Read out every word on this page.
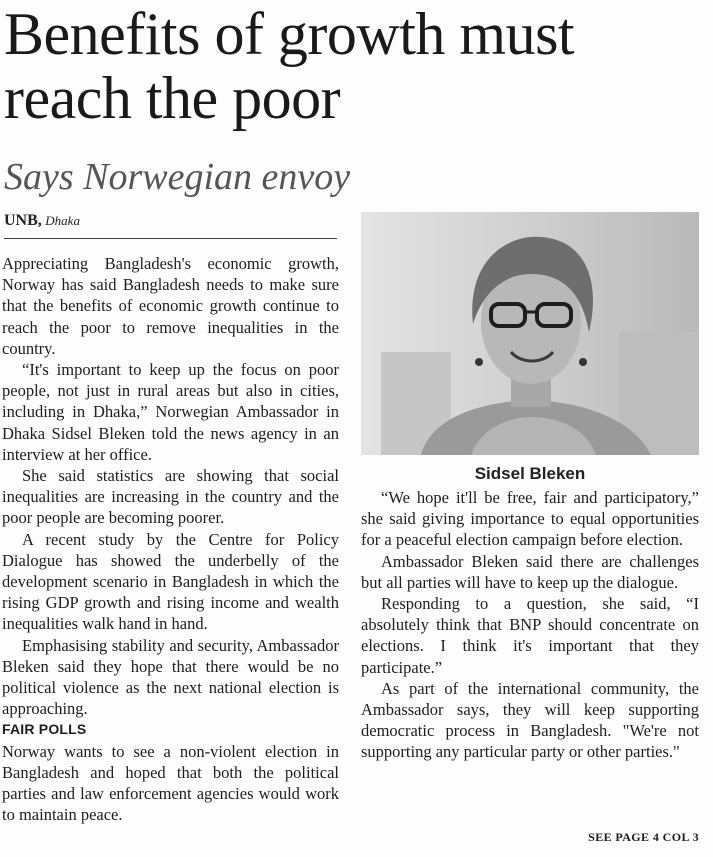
Benefits of growth must reach the poor
Says Norwegian envoy
UNB, Dhaka

Appreciating Bangladesh's economic growth, Norway has said Bangladesh needs to make sure that the benefits of economic growth continue to reach the poor to remove inequalities in the country.

“It's important to keep up the focus on poor people, not just in rural areas but also in cities, including in Dhaka,” Norwegian Ambassador in Dhaka Sidsel Bleken told the news agency in an interview at her office.

She said statistics are showing that social inequalities are increasing in the country and the poor people are becoming poorer.

A recent study by the Centre for Policy Dialogue has showed the underbelly of the development scenario in Bangladesh in which the rising GDP growth and rising income and wealth inequalities walk hand in hand.

Emphasising stability and security, Ambassador Bleken said they hope that there would be no political violence as the next national election is approaching.

FAIR POLLS

Norway wants to see a non-violent election in Bangladesh and hoped that both the political parties and law enforcement agencies would work to maintain peace.

Sidsel Bleken

“We hope it'll be free, fair and participatory,” she said giving importance to equal opportunities for a peaceful election campaign before election.

Ambassador Bleken said there are challenges but all parties will have to keep up the dialogue.

Responding to a question, she said, “I absolutely think that BNP should concentrate on elections. I think it's important that they participate.”

As part of the international community, the Ambassador says, they will keep supporting democratic process in Bangladesh. "We're not supporting any particular party or other parties."

SEE PAGE 4 COL 3
